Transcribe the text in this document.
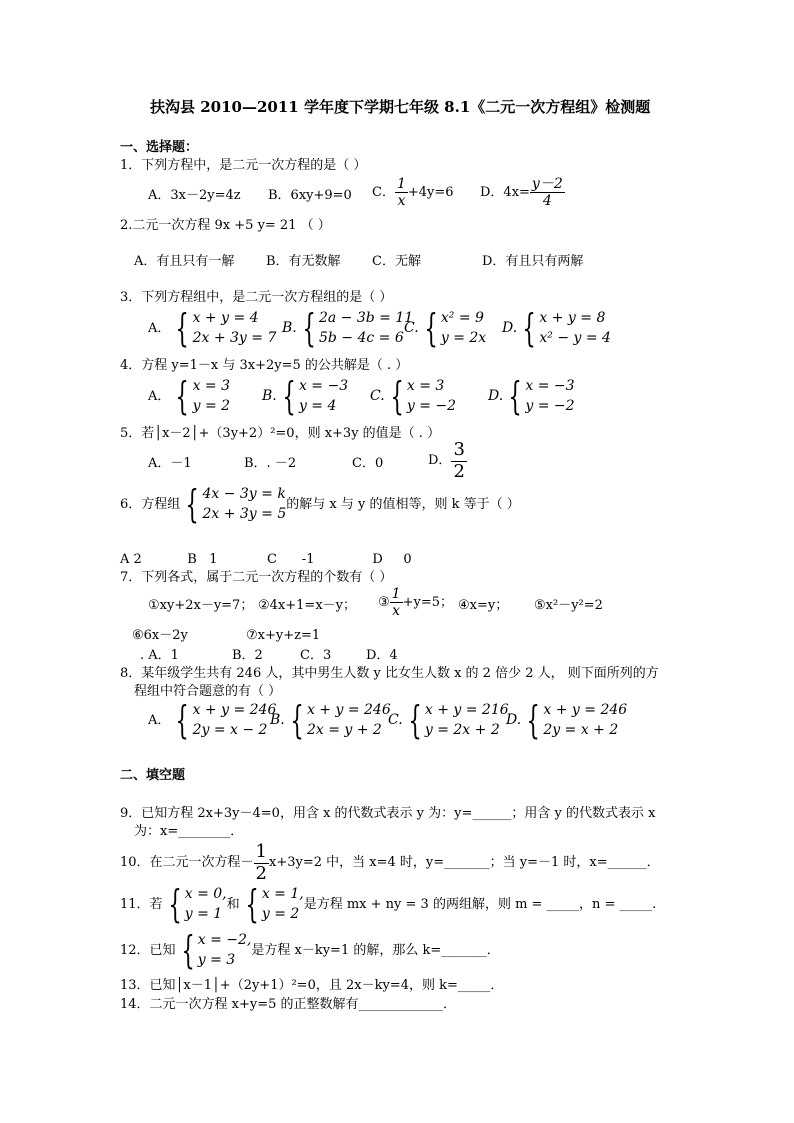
扶沟县 2010—2011 学年度下学期七年级 8.1《二元一次方程组》检测题
一、选择题：
1．下列方程中，是二元一次方程的是（ ）
A．3x－2y=4z B．6xy+9=0 C． $\frac{1}{x} +4y=6$ D．$4x= \frac{y-2}{4}$
2.二元一次方程 9x +5 y= 21 （ ）
A．有且只有一解 B．有无数解 C．无解	D．有且只有两解
3．下列方程组中，是二元一次方程组的是（ ）
A． { x + y = 4
2x + 3y = 7
B. { 2a − 3b = 11
5b − 4c = 6
C. { x² = 9
y = 2x
D. { x + y = 8
x² − y = 4
4．方程 y=1－x 与 3x+2y=5 的公共解是（ . ）
A． { x = 3
y = 2
B. { x = −3
y = 4
C. { x = 3
y = −2
D. { x = −3
y = −2
5．若│x－2│+（3y+2）²=0，则 x+3y 的值是（ . ）
A．－1	B．. －2	C．0	D． $\frac{3}{2}$
6．方程组 { 4x − 3y = k
2x + 3y = 5
的解与 x 与 y 的值相等，则 k 等于（ ）
A 2           B   1            C      -1              D     0
7．下列各式，属于二元一次方程的个数有（ ）
①xy+2x－y=7； ②4x+1=x－y； ③ $\frac{1}{x} +y=5$； ④x=y； ⑤x²－y²=2
⑥6x－2y	⑦x+y+z=1
. A．1	B．2	C．3	D．4
8．某年级学生共有 246 人，其中男生人数 y 比女生人数 x 的 2 倍少 2 人， 则下面所列的方
程组中符合题意的有（ ）
A． { x + y = 246
2y = x − 2
B. { x + y = 246
2x = y + 2
C. { x + y = 216
y = 2x + 2
D. { x + y = 246
2y = x + 2
二、填空题
9．已知方程 2x+3y－4=0，用含 x 的代数式表示 y 为：y=______；用含 y 的代数式表示 x
为：x=________．
10．在二元一次方程－ $\frac{1}{2} x+3y=2$ 中，当 x=4 时，y=_______；当 y=－1 时，x=______．
11．若 { x = 0,
y = 1
和 { x = 1,
y = 2
是方程 mx + ny = 3 的两组解，则 m = _____，n = _____.
12．已知 { x = −2,
y = 3
是方程 x－ky=1 的解，那么 k=_______．
13．已知│x－1│+（2y+1）²=0，且 2x－ky=4，则 k=_____．
14．二元一次方程 x+y=5 的正整数解有_____________．
